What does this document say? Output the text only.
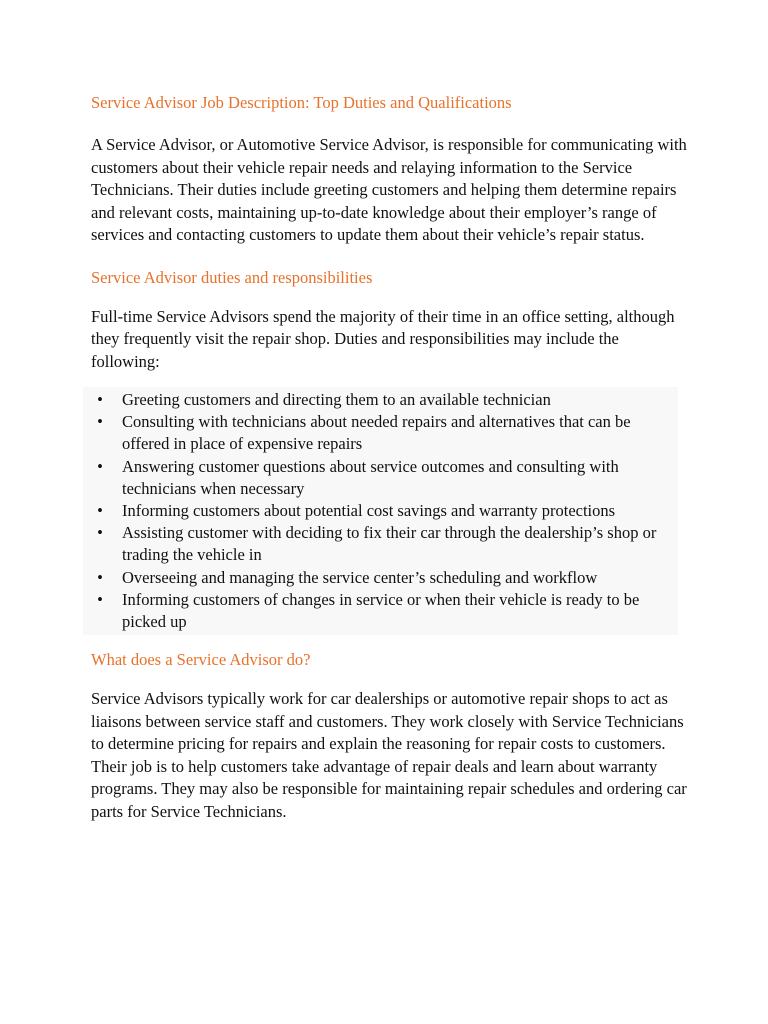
Service Advisor Job Description: Top Duties and Qualifications

A Service Advisor, or Automotive Service Advisor, is responsible for communicating with customers about their vehicle repair needs and relaying information to the Service Technicians. Their duties include greeting customers and helping them determine repairs and relevant costs, maintaining up-to-date knowledge about their employer’s range of services and contacting customers to update them about their vehicle’s repair status.

Service Advisor duties and responsibilities

Full-time Service Advisors spend the majority of their time in an office setting, although they frequently visit the repair shop. Duties and responsibilities may include the following:

• Greeting customers and directing them to an available technician
• Consulting with technicians about needed repairs and alternatives that can be offered in place of expensive repairs
• Answering customer questions about service outcomes and consulting with technicians when necessary
• Informing customers about potential cost savings and warranty protections
• Assisting customer with deciding to fix their car through the dealership’s shop or trading the vehicle in
• Overseeing and managing the service center’s scheduling and workflow
• Informing customers of changes in service or when their vehicle is ready to be picked up
What does a Service Advisor do?

Service Advisors typically work for car dealerships or automotive repair shops to act as liaisons between service staff and customers. They work closely with Service Technicians to determine pricing for repairs and explain the reasoning for repair costs to customers. Their job is to help customers take advantage of repair deals and learn about warranty programs. They may also be responsible for maintaining repair schedules and ordering car parts for Service Technicians.
